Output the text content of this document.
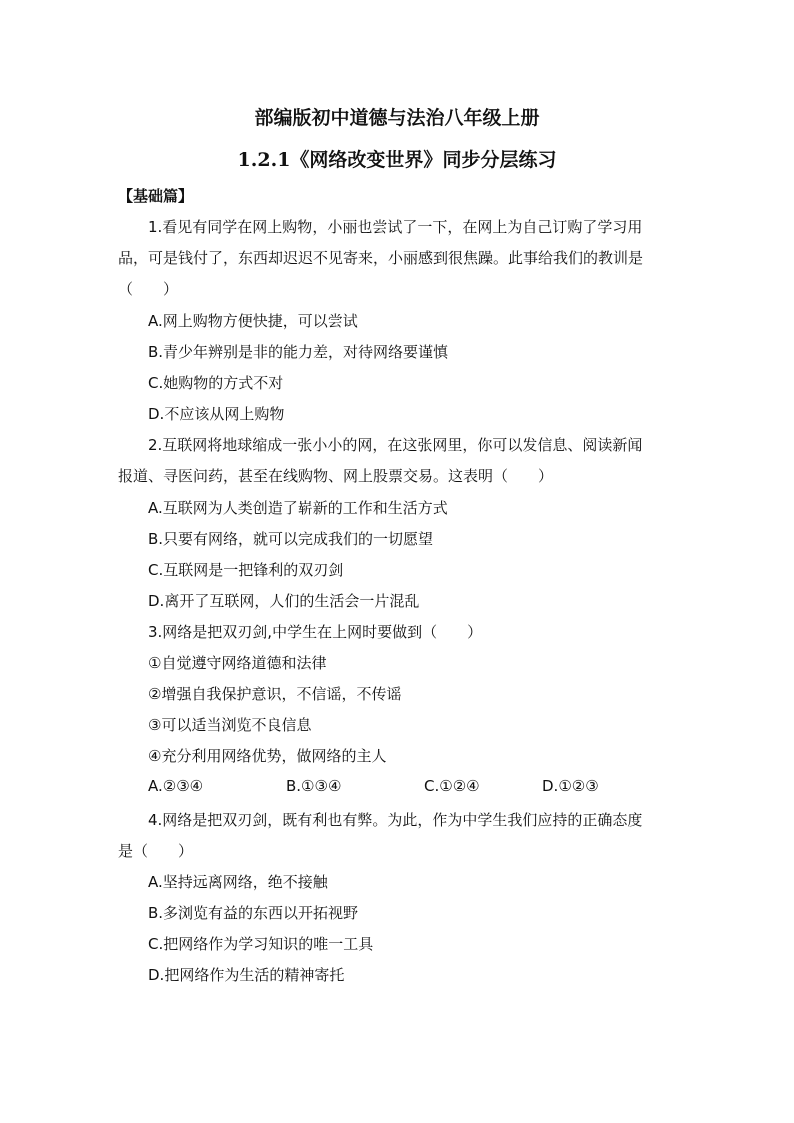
部编版初中道德与法治八年级上册
1.2.1《网络改变世界》同步分层练习
【基础篇】
1.看见有同学在网上购物，小丽也尝试了一下，在网上为自己订购了学习用
品，可是钱付了，东西却迟迟不见寄来，小丽感到很焦躁。此事给我们的教训是
（　　）
A.网上购物方便快捷，可以尝试
B.青少年辨别是非的能力差，对待网络要谨慎
C.她购物的方式不对
D.不应该从网上购物
2.互联网将地球缩成一张小小的网，在这张网里，你可以发信息、阅读新闻
报道、寻医问药，甚至在线购物、网上股票交易。这表明（　　）
A.互联网为人类创造了崭新的工作和生活方式
B.只要有网络，就可以完成我们的一切愿望
C.互联网是一把锋利的双刃剑
D.离开了互联网，人们的生活会一片混乱
3.网络是把双刃剑,中学生在上网时要做到（　　）
①自觉遵守网络道德和法律
②增强自我保护意识，不信谣，不传谣
③可以适当浏览不良信息
④充分利用网络优势，做网络的主人
A.②③④	B.①③④	C.①②④	D.①②③
4.网络是把双刃剑，既有利也有弊。为此，作为中学生我们应持的正确态度
是（　　）
A.坚持远离网络，绝不接触
B.多浏览有益的东西以开拓视野
C.把网络作为学习知识的唯一工具
D.把网络作为生活的精神寄托
